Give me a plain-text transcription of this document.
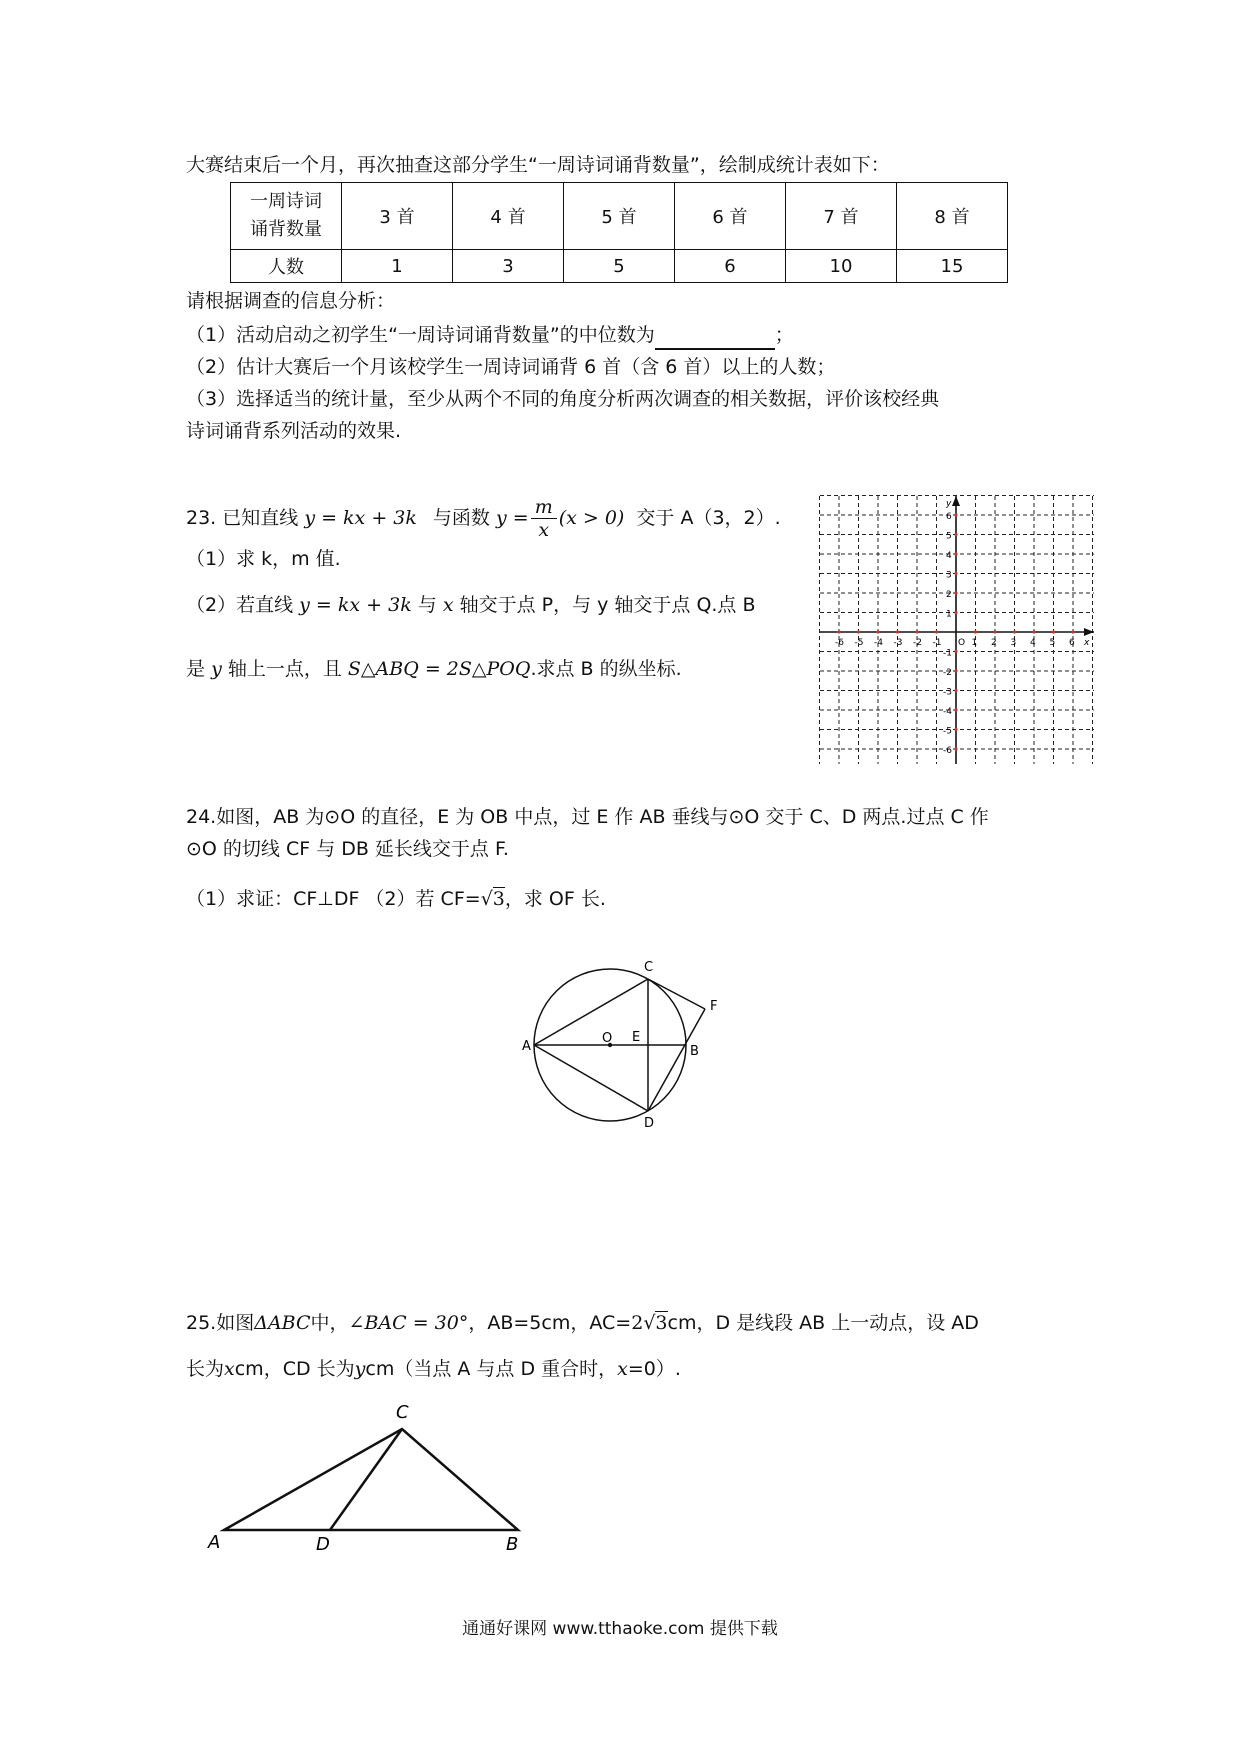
大赛结束后一个月，再次抽查这部分学生“一周诗词诵背数量”，绘制成统计表如下：
一周诗词
诵背数量	3 首	4 首	5 首	6 首	7 首	8 首
人数	1	3	5	6	10	15
请根据调查的信息分析：
（1）活动启动之初学生“一周诗词诵背数量”的中位数为	；
（2）估计大赛后一个月该校学生一周诗词诵背 6 首（含 6 首）以上的人数；
（3）选择适当的统计量，至少从两个不同的角度分析两次调查的相关数据，评价该校经典
诗词诵背系列活动的效果.
23. 已知直线 y = kx + 3k 与函数 $y = \frac{m}{x} (x > 0)$ 交于 A（3，2）.
（1）求 k，m 值.
（2）若直线 y = kx + 3k 与 x 轴交于点 P，与 y 轴交于点 Q.点 B
是 y 轴上一点，且 S△ABQ = 2S△POQ.求点 B 的纵坐标.
-6 -5 -4 -3 -2 -1 O 1 2 3 4 5 6
6
5
4
3
2
1
-1
-2
-3
-4
-5
-6
x
y
24.如图，AB 为⊙O 的直径，E 为 OB 中点，过 E 作 AB 垂线与⊙O 交于 C、D 两点.过点 C 作
⊙O 的切线 CF 与 DB 延长线交于点 F.
（1）求证：CF⊥DF （2）若 CF=√3，求 OF 长.
A	B
C
D
E
F
O
25.如图ΔABC中，∠BAC = 30°，AB=5cm，AC=2√3cm，D 是线段 AB 上一动点，设 AD
长为xcm，CD 长为ycm（当点 A 与点 D 重合时，x=0）.
A
C
D	B
通通好课网 www.tthaoke.com 提供下载
